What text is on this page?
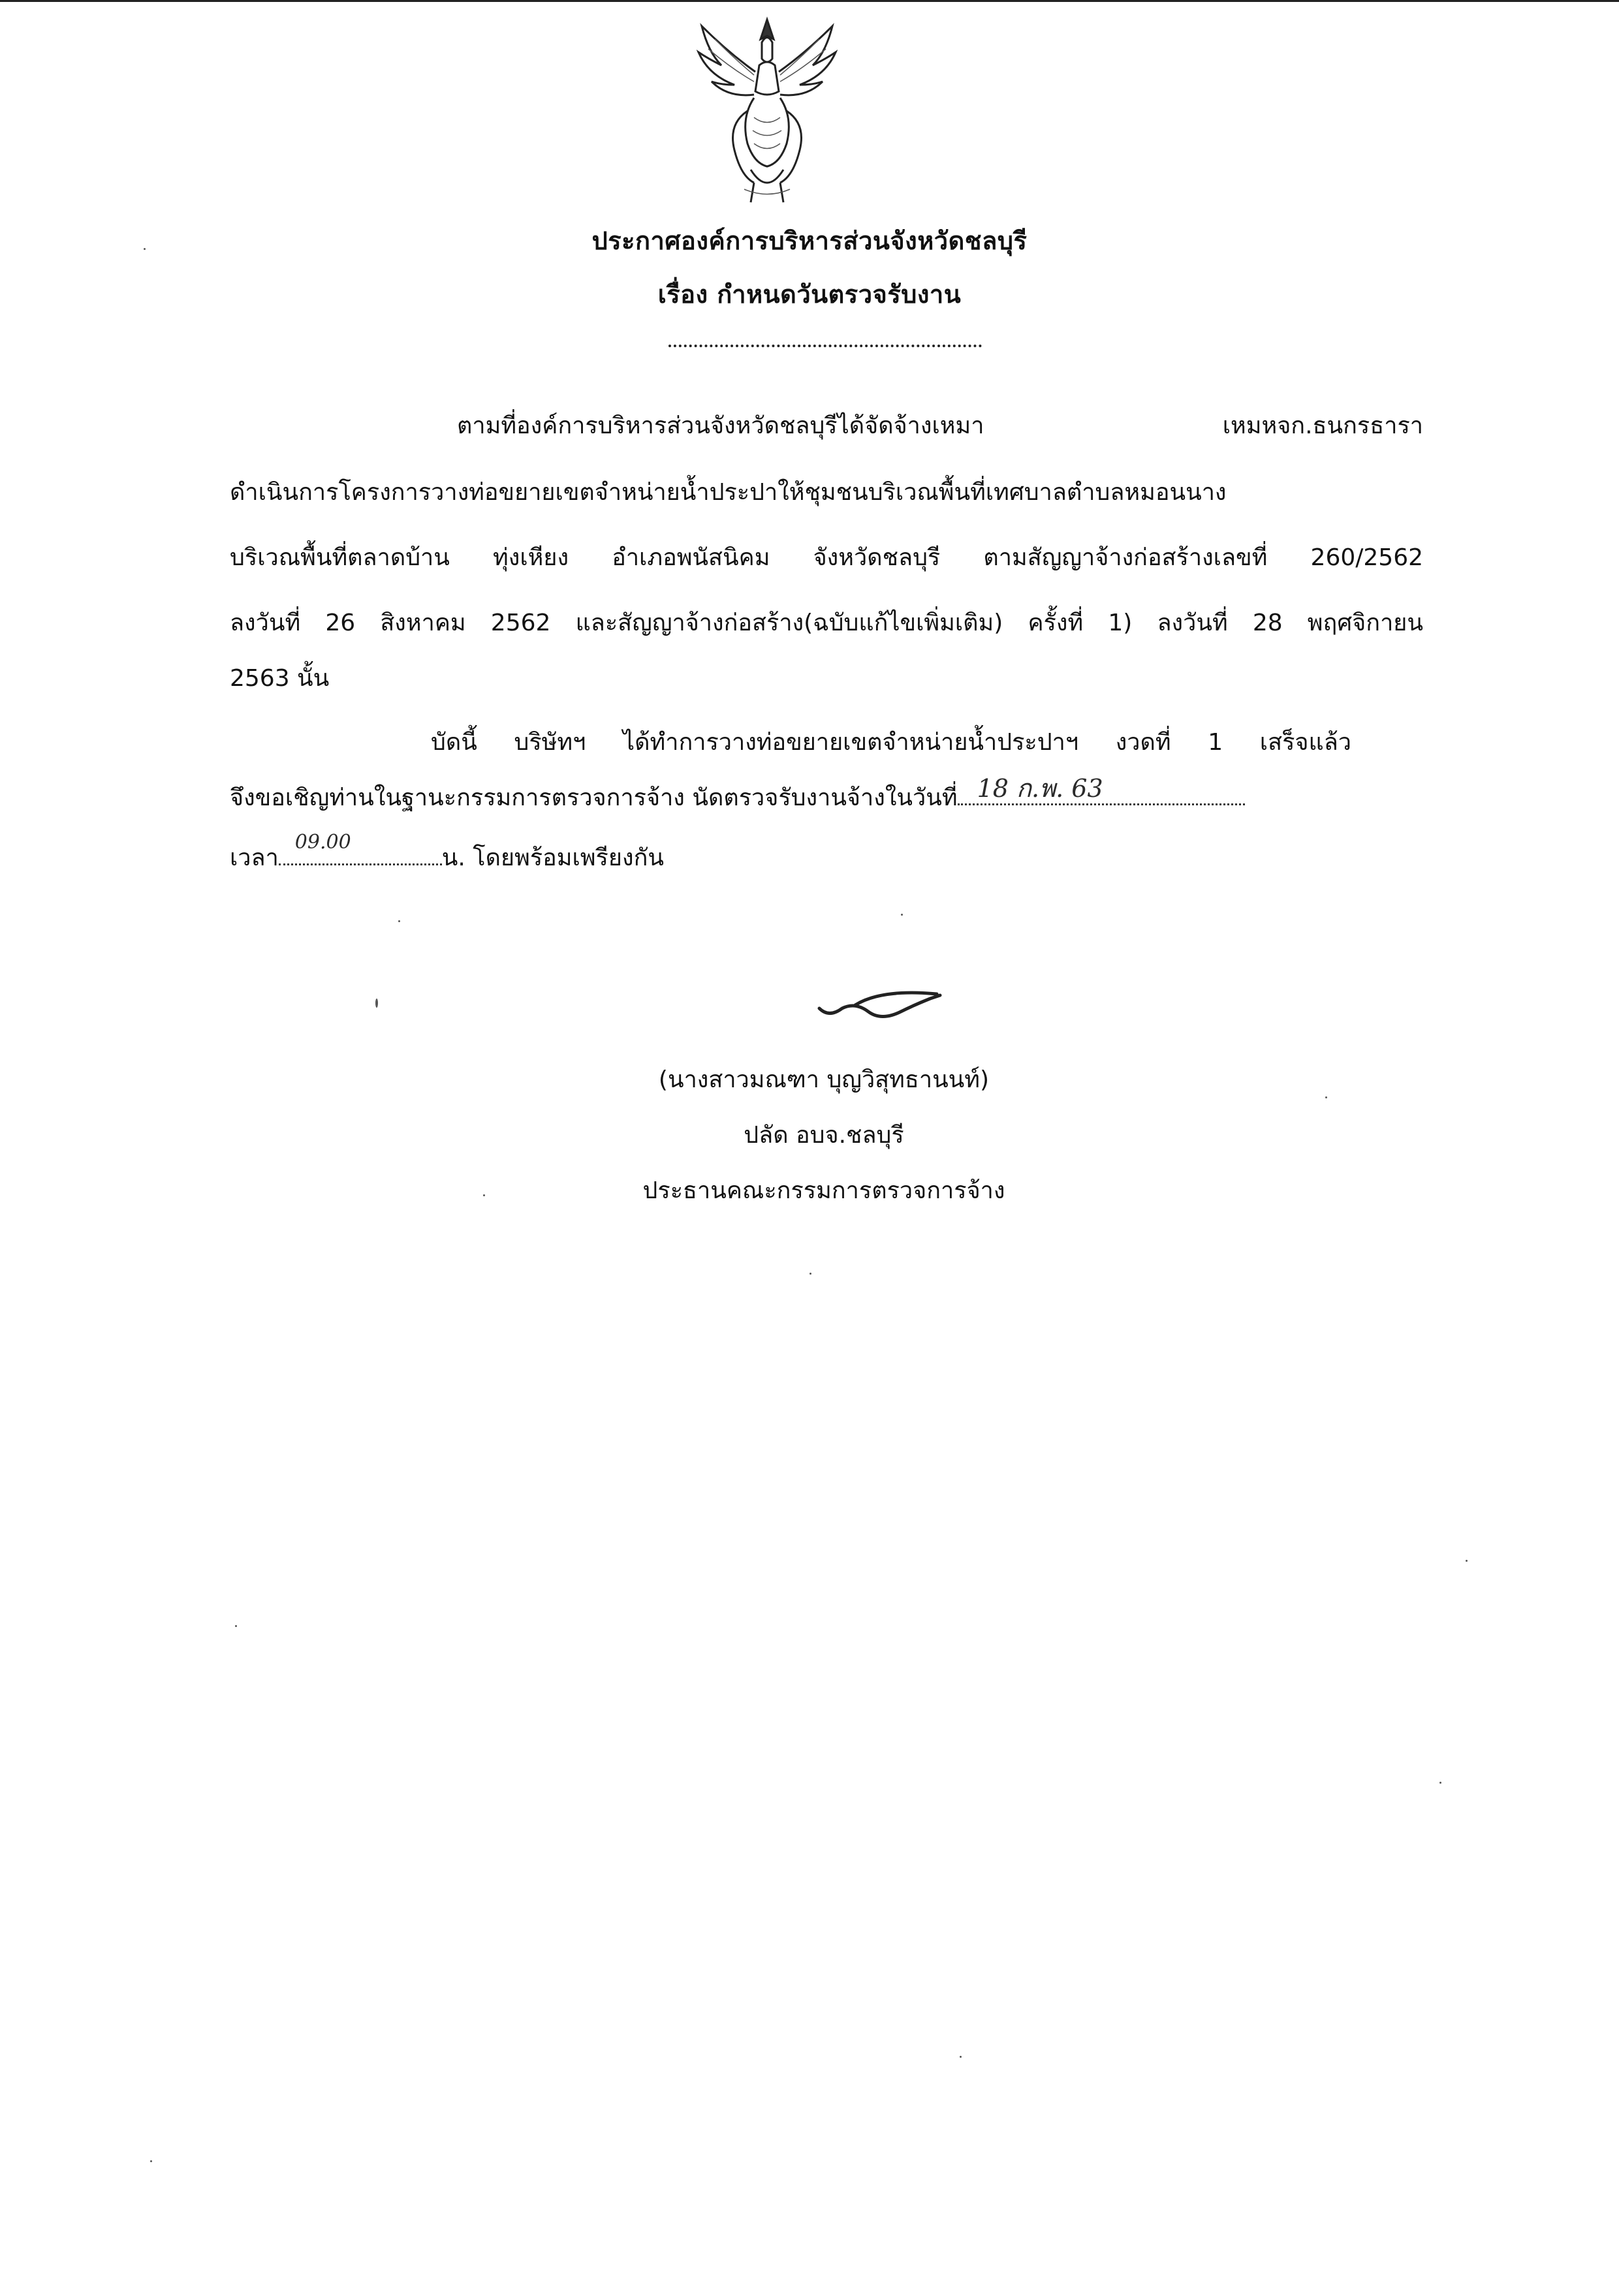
ประกาศองค์การบริหารส่วนจังหวัดชลบุรี
เรื่อง กำหนดวันตรวจรับงาน
ตามที่องค์การบริหารส่วนจังหวัดชลบุรีได้จัดจ้างเหมา เหมหจก.ธนกรธารา
ดำเนินการโครงการวางท่อขยายเขตจำหน่ายน้ำประปาให้ชุมชนบริเวณพื้นที่เทศบาลตำบลหมอนนาง
บริเวณพื้นที่ตลาดบ้าน ทุ่งเหียง อำเภอพนัสนิคม จังหวัดชลบุรี ตามสัญญาจ้างก่อสร้างเลขที่ 260/2562
ลงวันที่ 26 สิงหาคม 2562 และสัญญาจ้างก่อสร้าง(ฉบับแก้ไขเพิ่มเติม) ครั้งที่ 1) ลงวันที่ 28 พฤศจิกายน
2563 นั้น
บัดนี้ บริษัทฯ ได้ทำการวางท่อขยายเขตจำหน่ายน้ำประปาฯ งวดที่ 1 เสร็จแล้ว
จึงขอเชิญท่านในฐานะกรรมการตรวจการจ้าง นัดตรวจรับงานจ้างในวันที่ 18 ก.พ. 63
เวลา
09.00
น. โดยพร้อมเพรียงกัน
(นางสาวมณฑา บุญวิสุทธานนท์)
ปลัด อบจ.ชลบุรี
ประธานคณะกรรมการตรวจการจ้าง
